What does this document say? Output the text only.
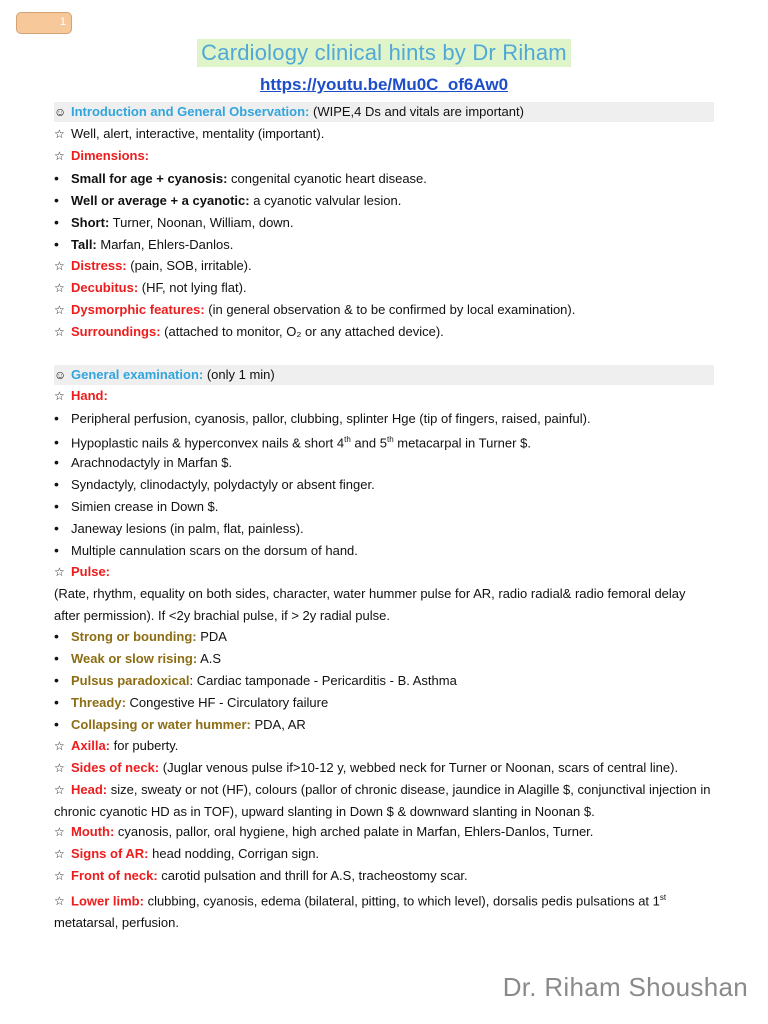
1
Cardiology clinical hints by Dr Riham
https://youtu.be/Mu0C_of6Aw0
☺ Introduction and General Observation: (WIPE,4 Ds and vitals are important)
☆ Well, alert, interactive, mentality (important).
☆ Dimensions:
• Small for age + cyanosis: congenital cyanotic heart disease.
• Well or average + a cyanotic: a cyanotic valvular lesion.
• Short: Turner, Noonan, William, down.
• Tall: Marfan, Ehlers-Danlos.
☆ Distress: (pain, SOB, irritable).
☆ Decubitus: (HF, not lying flat).
☆ Dysmorphic features: (in general observation & to be confirmed by local examination).
☆ Surroundings: (attached to monitor, O₂ or any attached device).
☺ General examination: (only 1 min)
☆ Hand:
• Peripheral perfusion, cyanosis, pallor, clubbing, splinter Hge (tip of fingers, raised, painful).
• Hypoplastic nails & hyperconvex nails & short 4th and 5th metacarpal in Turner $.
• Arachnodactyly in Marfan $.
• Syndactyly, clinodactyly, polydactyly or absent finger.
• Simien crease in Down $.
• Janeway lesions (in palm, flat, painless).
• Multiple cannulation scars on the dorsum of hand.
☆ Pulse:
(Rate, rhythm, equality on both sides, character, water hummer pulse for AR, radio radial& radio femoral delay after permission). If <2y brachial pulse, if > 2y radial pulse.
• Strong or bounding: PDA
• Weak or slow rising: A.S
• Pulsus paradoxical: Cardiac tamponade - Pericarditis - B. Asthma
• Thready: Congestive HF - Circulatory failure
• Collapsing or water hummer: PDA, AR
☆ Axilla: for puberty.
☆ Sides of neck: (Juglar venous pulse if>10-12 y, webbed neck for Turner or Noonan, scars of central line).
☆ Head: size, sweaty or not (HF), colours (pallor of chronic disease, jaundice in Alagille $, conjunctival injection in chronic cyanotic HD as in TOF), upward slanting in Down $ & downward slanting in Noonan $.
☆ Mouth: cyanosis, pallor, oral hygiene, high arched palate in Marfan, Ehlers-Danlos, Turner.
☆ Signs of AR: head nodding, Corrigan sign.
☆ Front of neck: carotid pulsation and thrill for A.S, tracheostomy scar.
☆ Lower limb: clubbing, cyanosis, edema (bilateral, pitting, to which level), dorsalis pedis pulsations at 1st metatarsal, perfusion.
Dr. Riham Shoushan
